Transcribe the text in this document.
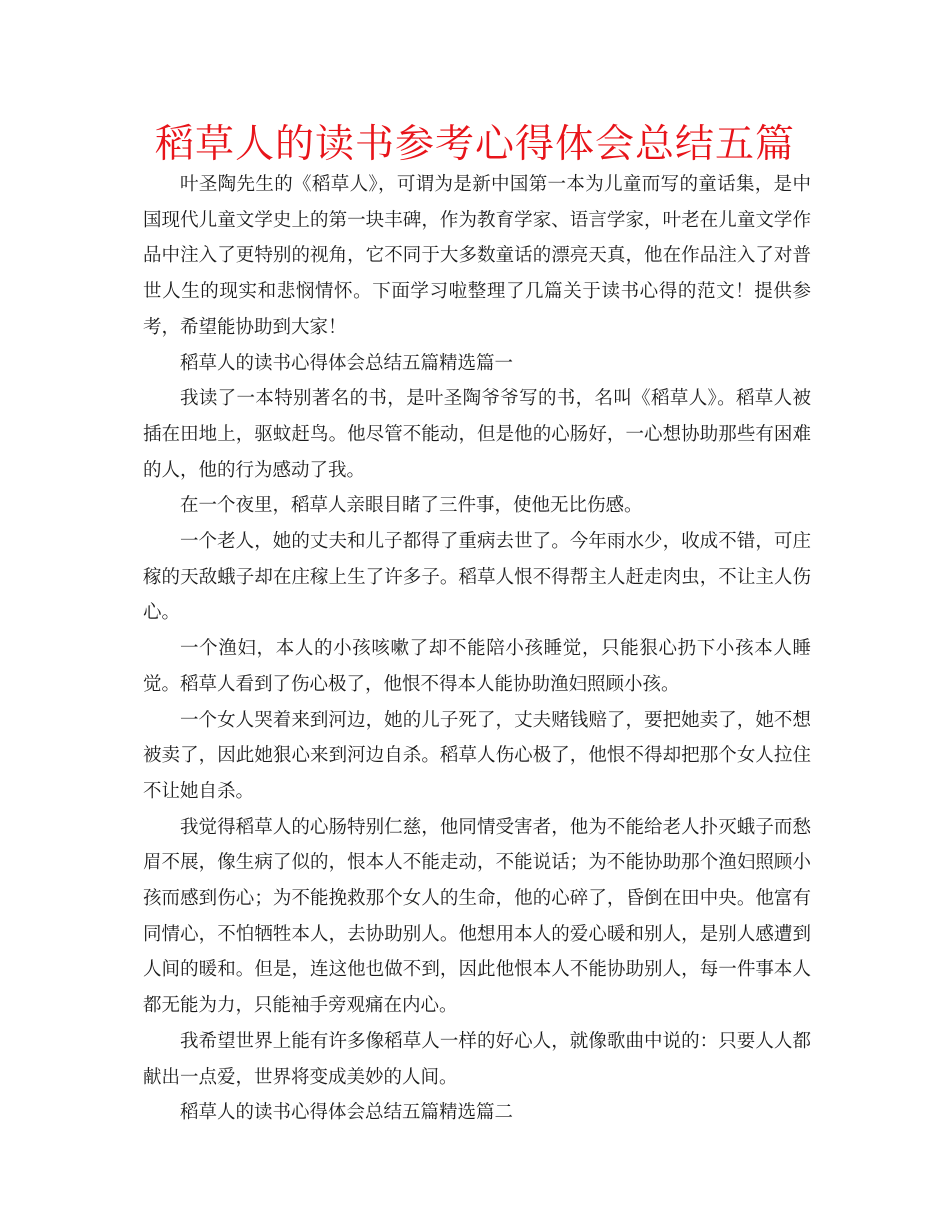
稻草人的读书参考心得体会总结五篇

叶圣陶先生的《稻草人》，可谓为是新中国第一本为儿童而写的童话集，是中国现代儿童文学史上的第一块丰碑，作为教育学家、语言学家，叶老在儿童文学作品中注入了更特别的视角，它不同于大多数童话的漂亮天真，他在作品注入了对普世人生的现实和悲悯情怀。下面学习啦整理了几篇关于读书心得的范文！提供参考，希望能协助到大家！

稻草人的读书心得体会总结五篇精选篇一

我读了一本特别著名的书，是叶圣陶爷爷写的书，名叫《稻草人》。稻草人被插在田地上，驱蚊赶鸟。他尽管不能动，但是他的心肠好，一心想协助那些有困难的人，他的行为感动了我。

在一个夜里，稻草人亲眼目睹了三件事，使他无比伤感。

一个老人，她的丈夫和儿子都得了重病去世了。今年雨水少，收成不错，可庄稼的天敌蛾子却在庄稼上生了许多子。稻草人恨不得帮主人赶走肉虫，不让主人伤心。

一个渔妇，本人的小孩咳嗽了却不能陪小孩睡觉，只能狠心扔下小孩本人睡觉。稻草人看到了伤心极了，他恨不得本人能协助渔妇照顾小孩。

一个女人哭着来到河边，她的儿子死了，丈夫赌钱赔了，要把她卖了，她不想被卖了，因此她狠心来到河边自杀。稻草人伤心极了，他恨不得却把那个女人拉住不让她自杀。

我觉得稻草人的心肠特别仁慈，他同情受害者，他为不能给老人扑灭蛾子而愁眉不展，像生病了似的，恨本人不能走动，不能说话；为不能协助那个渔妇照顾小孩而感到伤心；为不能挽救那个女人的生命，他的心碎了，昏倒在田中央。他富有同情心，不怕牺牲本人，去协助别人。他想用本人的爱心暖和别人，是别人感遭到人间的暖和。但是，连这他也做不到，因此他恨本人不能协助别人，每一件事本人都无能为力，只能袖手旁观痛在内心。

我希望世界上能有许多像稻草人一样的好心人，就像歌曲中说的：只要人人都献出一点爱，世界将变成美妙的人间。

稻草人的读书心得体会总结五篇精选篇二
